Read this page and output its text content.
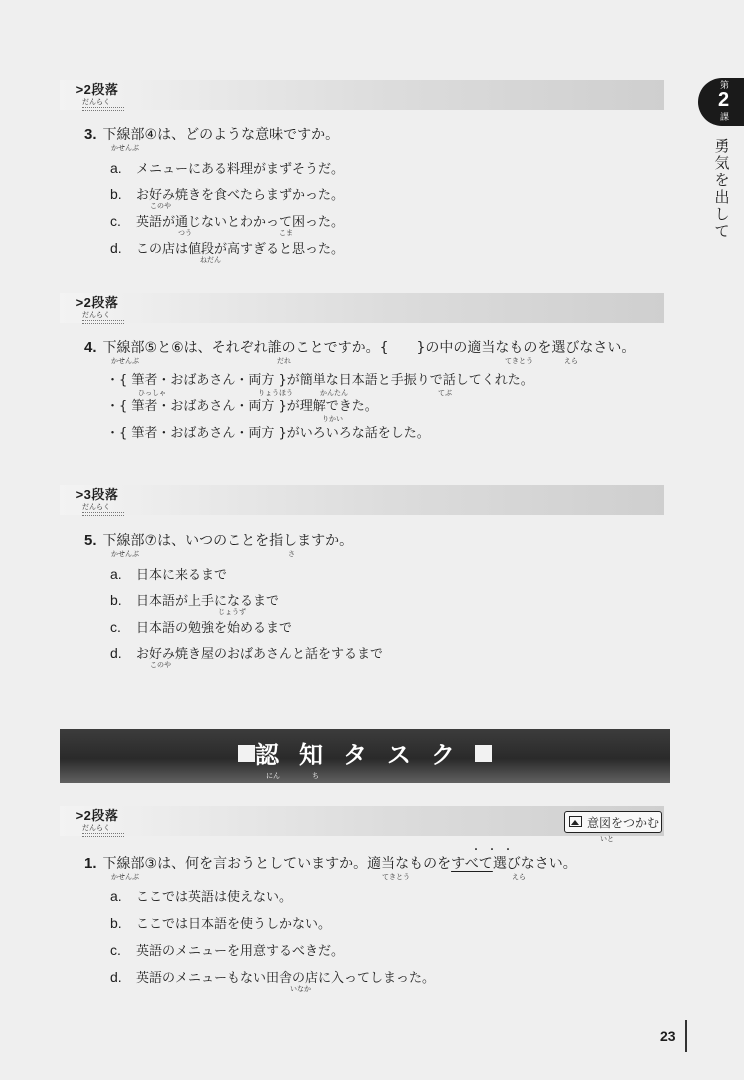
第
2
課
勇気を出して
>2段落
だんらく
3. 下線部④は、どのような意味ですか。
かせんぶ
a. メニューにある料理がまずそうだ。
b. お好み焼きを食べたらまずかった。
このや
c. 英語が通じないとわかって困った。
つう	こま
d. この店は値段が高すぎると思った。
ねだん
>2段落
だんらく
4. 下線部⑤と⑥は、それぞれ誰のことですか。{　　}の中の適当なものを選びなさい。
かせんぶ	だれ	てきとう	えら
・{ 筆者・おばあさん・両方 }が簡単な日本語と手振りで話してくれた。
ひっしゃ	りょうほう	かんたん	てぶ
・{ 筆者・おばあさん・両方 }が理解できた。
りかい
・{ 筆者・おばあさん・両方 }がいろいろな話をした。
>3段落
だんらく
5. 下線部⑦は、いつのことを指しますか。
かせんぶ	さ
a. 日本に来るまで
b. 日本語が上手になるまで
じょうず
c. 日本語の勉強を始めるまで
d. お好み焼き屋のおばあさんと話をするまで
このや
認知タスク
にん	ち
>2段落
だんらく	意図をつかむ
いと
・・・
1. 下線部③は、何を言おうとしていますか。適当なものをすべて選びなさい。
かせんぶ	てきとう	えら
a. ここでは英語は使えない。
b. ここでは日本語を使うしかない。
c. 英語のメニューを用意するべきだ。
d. 英語のメニューもない田舎の店に入ってしまった。
いなか
23
